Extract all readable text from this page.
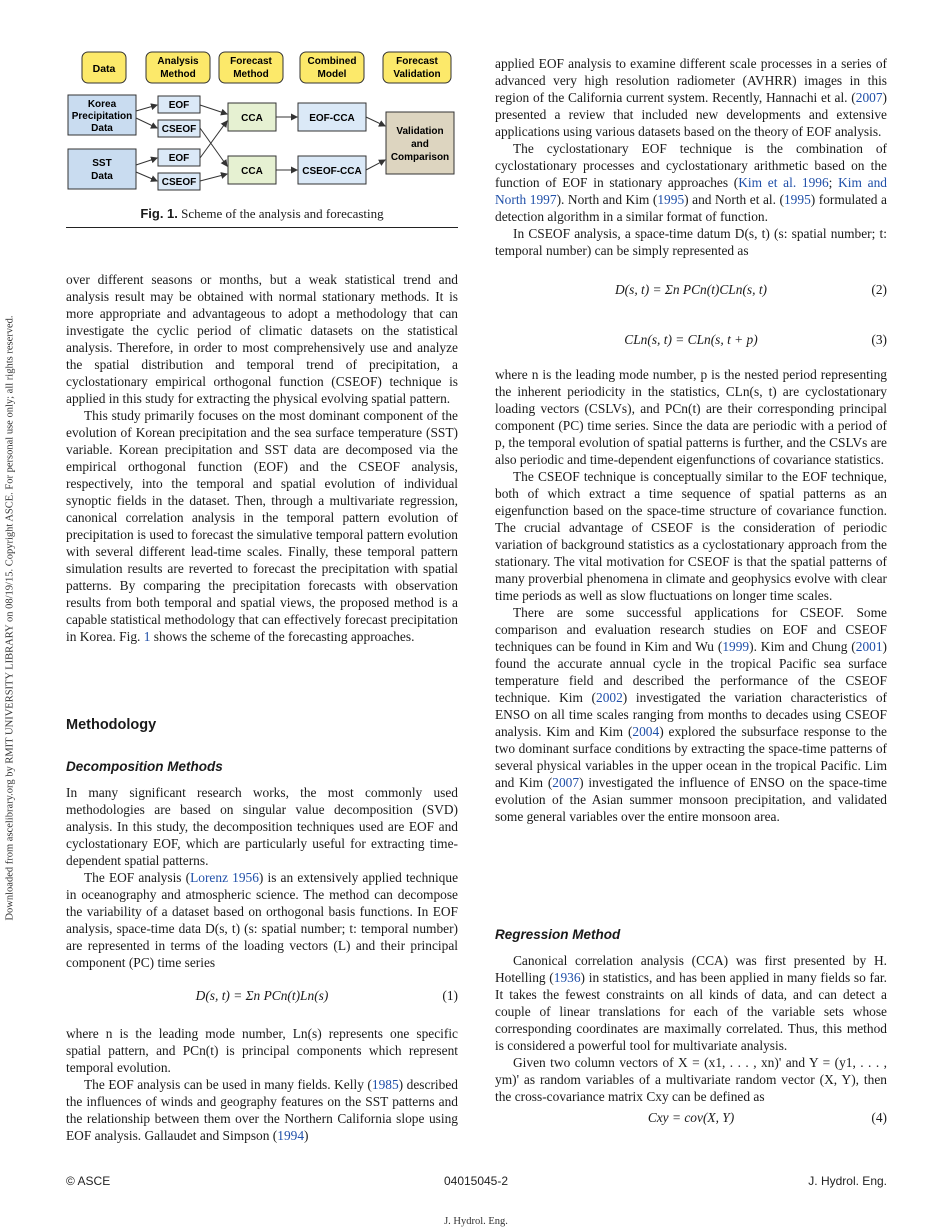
Downloaded from ascelibrary.org by RMIT UNIVERSITY LIBRARY on 08/19/15. Copyright ASCE. For personal use only; all rights reserved.
Data
Analysis
Method
Forecast
Method
Combined
Model
Forecast
Validation
Korea
Precipitation
Data
SST
Data
EOF
CSEOF
EOF
CSEOF
CCA
CCA
EOF-CCA
CSEOF-CCA
Validation
and
Comparison
Fig. 1. Scheme of the analysis and forecasting

over different seasons or months, but a weak statistical trend and analysis result may be obtained with normal stationary methods. It is more appropriate and advantageous to adopt a methodology that can investigate the cyclic period of climatic datasets on the statistical analysis. Therefore, in order to most comprehensively use and analyze the spatial distribution and temporal trend of precipitation, a cyclostationary empirical orthogonal function (CSEOF) technique is applied in this study for extracting the physical evolving spatial pattern.

This study primarily focuses on the most dominant component of the evolution of Korean precipitation and the sea surface temperature (SST) variable. Korean precipitation and SST data are decomposed via the empirical orthogonal function (EOF) and the CSEOF analysis, respectively, into the temporal and spatial evolution of individual synoptic fields in the dataset. Then, through a multivariate regression, canonical correlation analysis in the temporal pattern evolution of precipitation is used to forecast the simulative temporal pattern evolution with several different lead-time scales. Finally, these temporal pattern simulation results are reverted to forecast the precipitation with spatial patterns. By comparing the precipitation forecasts with observation results from both temporal and spatial views, the proposed method is a capable statistical methodology that can effectively forecast precipitation in Korea. Fig. 1 shows the scheme of the forecasting approaches.

Methodology
Decomposition Methods

In many significant research works, the most commonly used methodologies are based on singular value decomposition (SVD) analysis. In this study, the decomposition techniques used are EOF and cyclostationary EOF, which are particularly useful for extracting time-dependent spatial patterns.

The EOF analysis (Lorenz 1956) is an extensively applied technique in oceanography and atmospheric science. The method can decompose the variability of a dataset based on orthogonal basis functions. In EOF analysis, space-time data D(s, t) (s: spatial number; t: temporal number) are represented in terms of the loading vectors (L) and their principal component (PC) time series

D(s, t) = Σn PCn(t)Ln(s)	(1)

where n is the leading mode number, Ln(s) represents one specific spatial pattern, and PCn(t) is principal components which represent temporal evolution.

The EOF analysis can be used in many fields. Kelly (1985) described the influences of winds and geography features on the SST patterns and the relationship between them over the Northern California slope using EOF analysis. Gallaudet and Simpson (1994)

applied EOF analysis to examine different scale processes in a series of advanced very high resolution radiometer (AVHRR) images in this region of the California current system. Recently, Hannachi et al. (2007) presented a review that included new developments and extensive applications using various datasets based on the theory of EOF analysis.

The cyclostationary EOF technique is the combination of cyclostationary processes and cyclostationary arithmetic based on the function of EOF in stationary approaches (Kim et al. 1996; Kim and North 1997). North and Kim (1995) and North et al. (1995) formulated a detection algorithm in a similar format of function.

In CSEOF analysis, a space-time datum D(s, t) (s: spatial number; t: temporal number) can be simply represented as

D(s, t) = Σn PCn(t)CLn(s, t)	(2)
CLn(s, t) = CLn(s, t + p)	(3)

where n is the leading mode number, p is the nested period representing the inherent periodicity in the statistics, CLn(s, t) are cyclostationary loading vectors (CSLVs), and PCn(t) are their corresponding principal component (PC) time series. Since the data are periodic with a period of p, the temporal evolution of spatial patterns is further, and the CSLVs are also periodic and time-dependent eigenfunctions of covariance statistics.

The CSEOF technique is conceptually similar to the EOF technique, both of which extract a time sequence of spatial patterns as an eigenfunction based on the space-time structure of covariance function. The crucial advantage of CSEOF is the consideration of periodic variation of background statistics as a cyclostationary approach from the stationary. The vital motivation for CSEOF is that the spatial patterns of many proverbial phenomena in climate and geophysics evolve with clear time periods as well as slow fluctuations on longer time scales.

There are some successful applications for CSEOF. Some comparison and evaluation research studies on EOF and CSEOF techniques can be found in Kim and Wu (1999). Kim and Chung (2001) found the accurate annual cycle in the tropical Pacific sea surface temperature field and described the performance of the CSEOF technique. Kim (2002) investigated the variation characteristics of ENSO on all time scales ranging from months to decades using CSEOF analysis. Kim and Kim (2004) explored the subsurface response to the two dominant surface conditions by extracting the space-time patterns of several physical variables in the upper ocean in the tropical Pacific. Lim and Kim (2007) investigated the influence of ENSO on the space-time evolution of the Asian summer monsoon precipitation, and validated some general variables over the entire monsoon area.

Regression Method

Canonical correlation analysis (CCA) was first presented by H. Hotelling (1936) in statistics, and has been applied in many fields so far. It takes the fewest constraints on all kinds of data, and can detect a couple of linear translations for each of the variable sets whose corresponding coordinates are maximally correlated. Thus, this method is considered a powerful tool for multivariate analysis.

Given two column vectors of X = (x1, . . . , xn)' and Y = (y1, . . . , ym)' as random variables of a multivariate random vector (X, Y), then the cross-covariance matrix Cxy can be defined as

Cxy = cov(X, Y)	(4)
© ASCE	04015045-2	J. Hydrol. Eng.
J. Hydrol. Eng.
